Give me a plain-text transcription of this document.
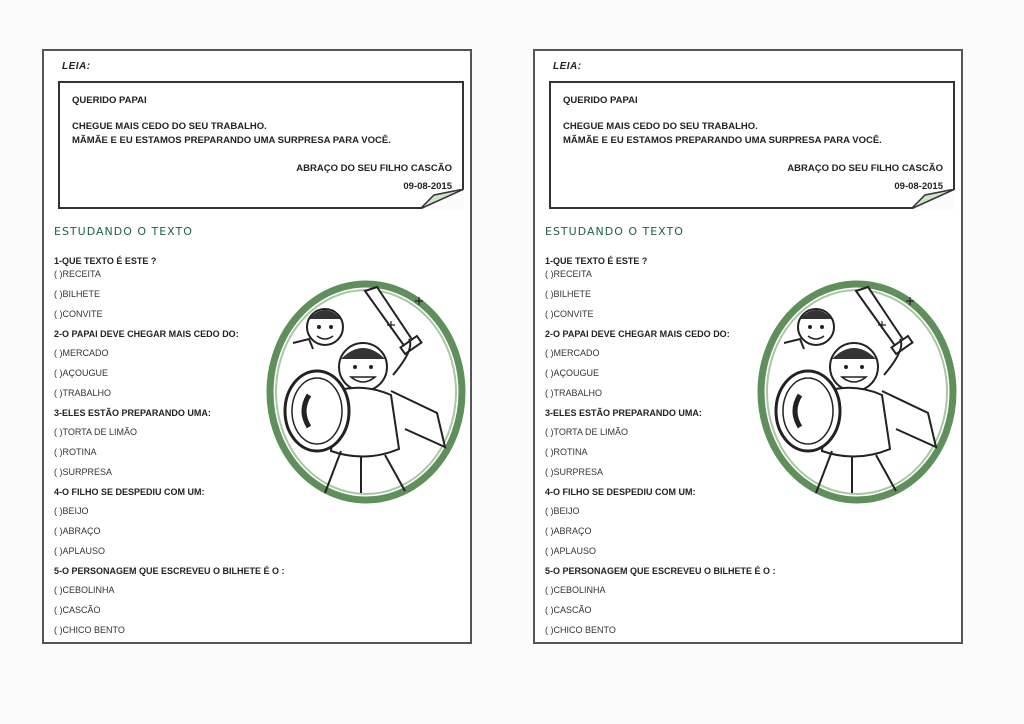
LEIA:
QUERIDO PAPAI
CHEGUE MAIS CEDO DO SEU TRABALHO.
MÃMÃE E EU ESTAMOS PREPARANDO UMA SURPRESA PARA VOCÊ.
ABRAÇO DO SEU FILHO CASCÃO
09-08-2015
ESTUDANDO O TEXTO
1-QUE TEXTO É ESTE ?
( )RECEITA
( )BILHETE
( )CONVITE
2-O PAPAI DEVE CHEGAR MAIS CEDO DO:
( )MERCADO
( )AÇOUGUE
( )TRABALHO
3-ELES ESTÃO PREPARANDO UMA:
( )TORTA DE LIMÃO
( )ROTINA
( )SURPRESA
4-O FILHO SE DESPEDIU COM UM:
( )BEIJO
( )ABRAÇO
( )APLAUSO
5-O PERSONAGEM QUE ESCREVEU O BILHETE É O :
( )CEBOLINHA
( )CASCÃO
( )CHICO BENTO
LEIA:
QUERIDO PAPAI
CHEGUE MAIS CEDO DO SEU TRABALHO.
MÃMÃE E EU ESTAMOS PREPARANDO UMA SURPRESA PARA VOCÊ.
ABRAÇO DO SEU FILHO CASCÃO
09-08-2015
ESTUDANDO O TEXTO
1-QUE TEXTO É ESTE ?
( )RECEITA
( )BILHETE
( )CONVITE
2-O PAPAI DEVE CHEGAR MAIS CEDO DO:
( )MERCADO
( )AÇOUGUE
( )TRABALHO
3-ELES ESTÃO PREPARANDO UMA:
( )TORTA DE LIMÃO
( )ROTINA
( )SURPRESA
4-O FILHO SE DESPEDIU COM UM:
( )BEIJO
( )ABRAÇO
( )APLAUSO
5-O PERSONAGEM QUE ESCREVEU O BILHETE É O :
( )CEBOLINHA
( )CASCÃO
( )CHICO BENTO
